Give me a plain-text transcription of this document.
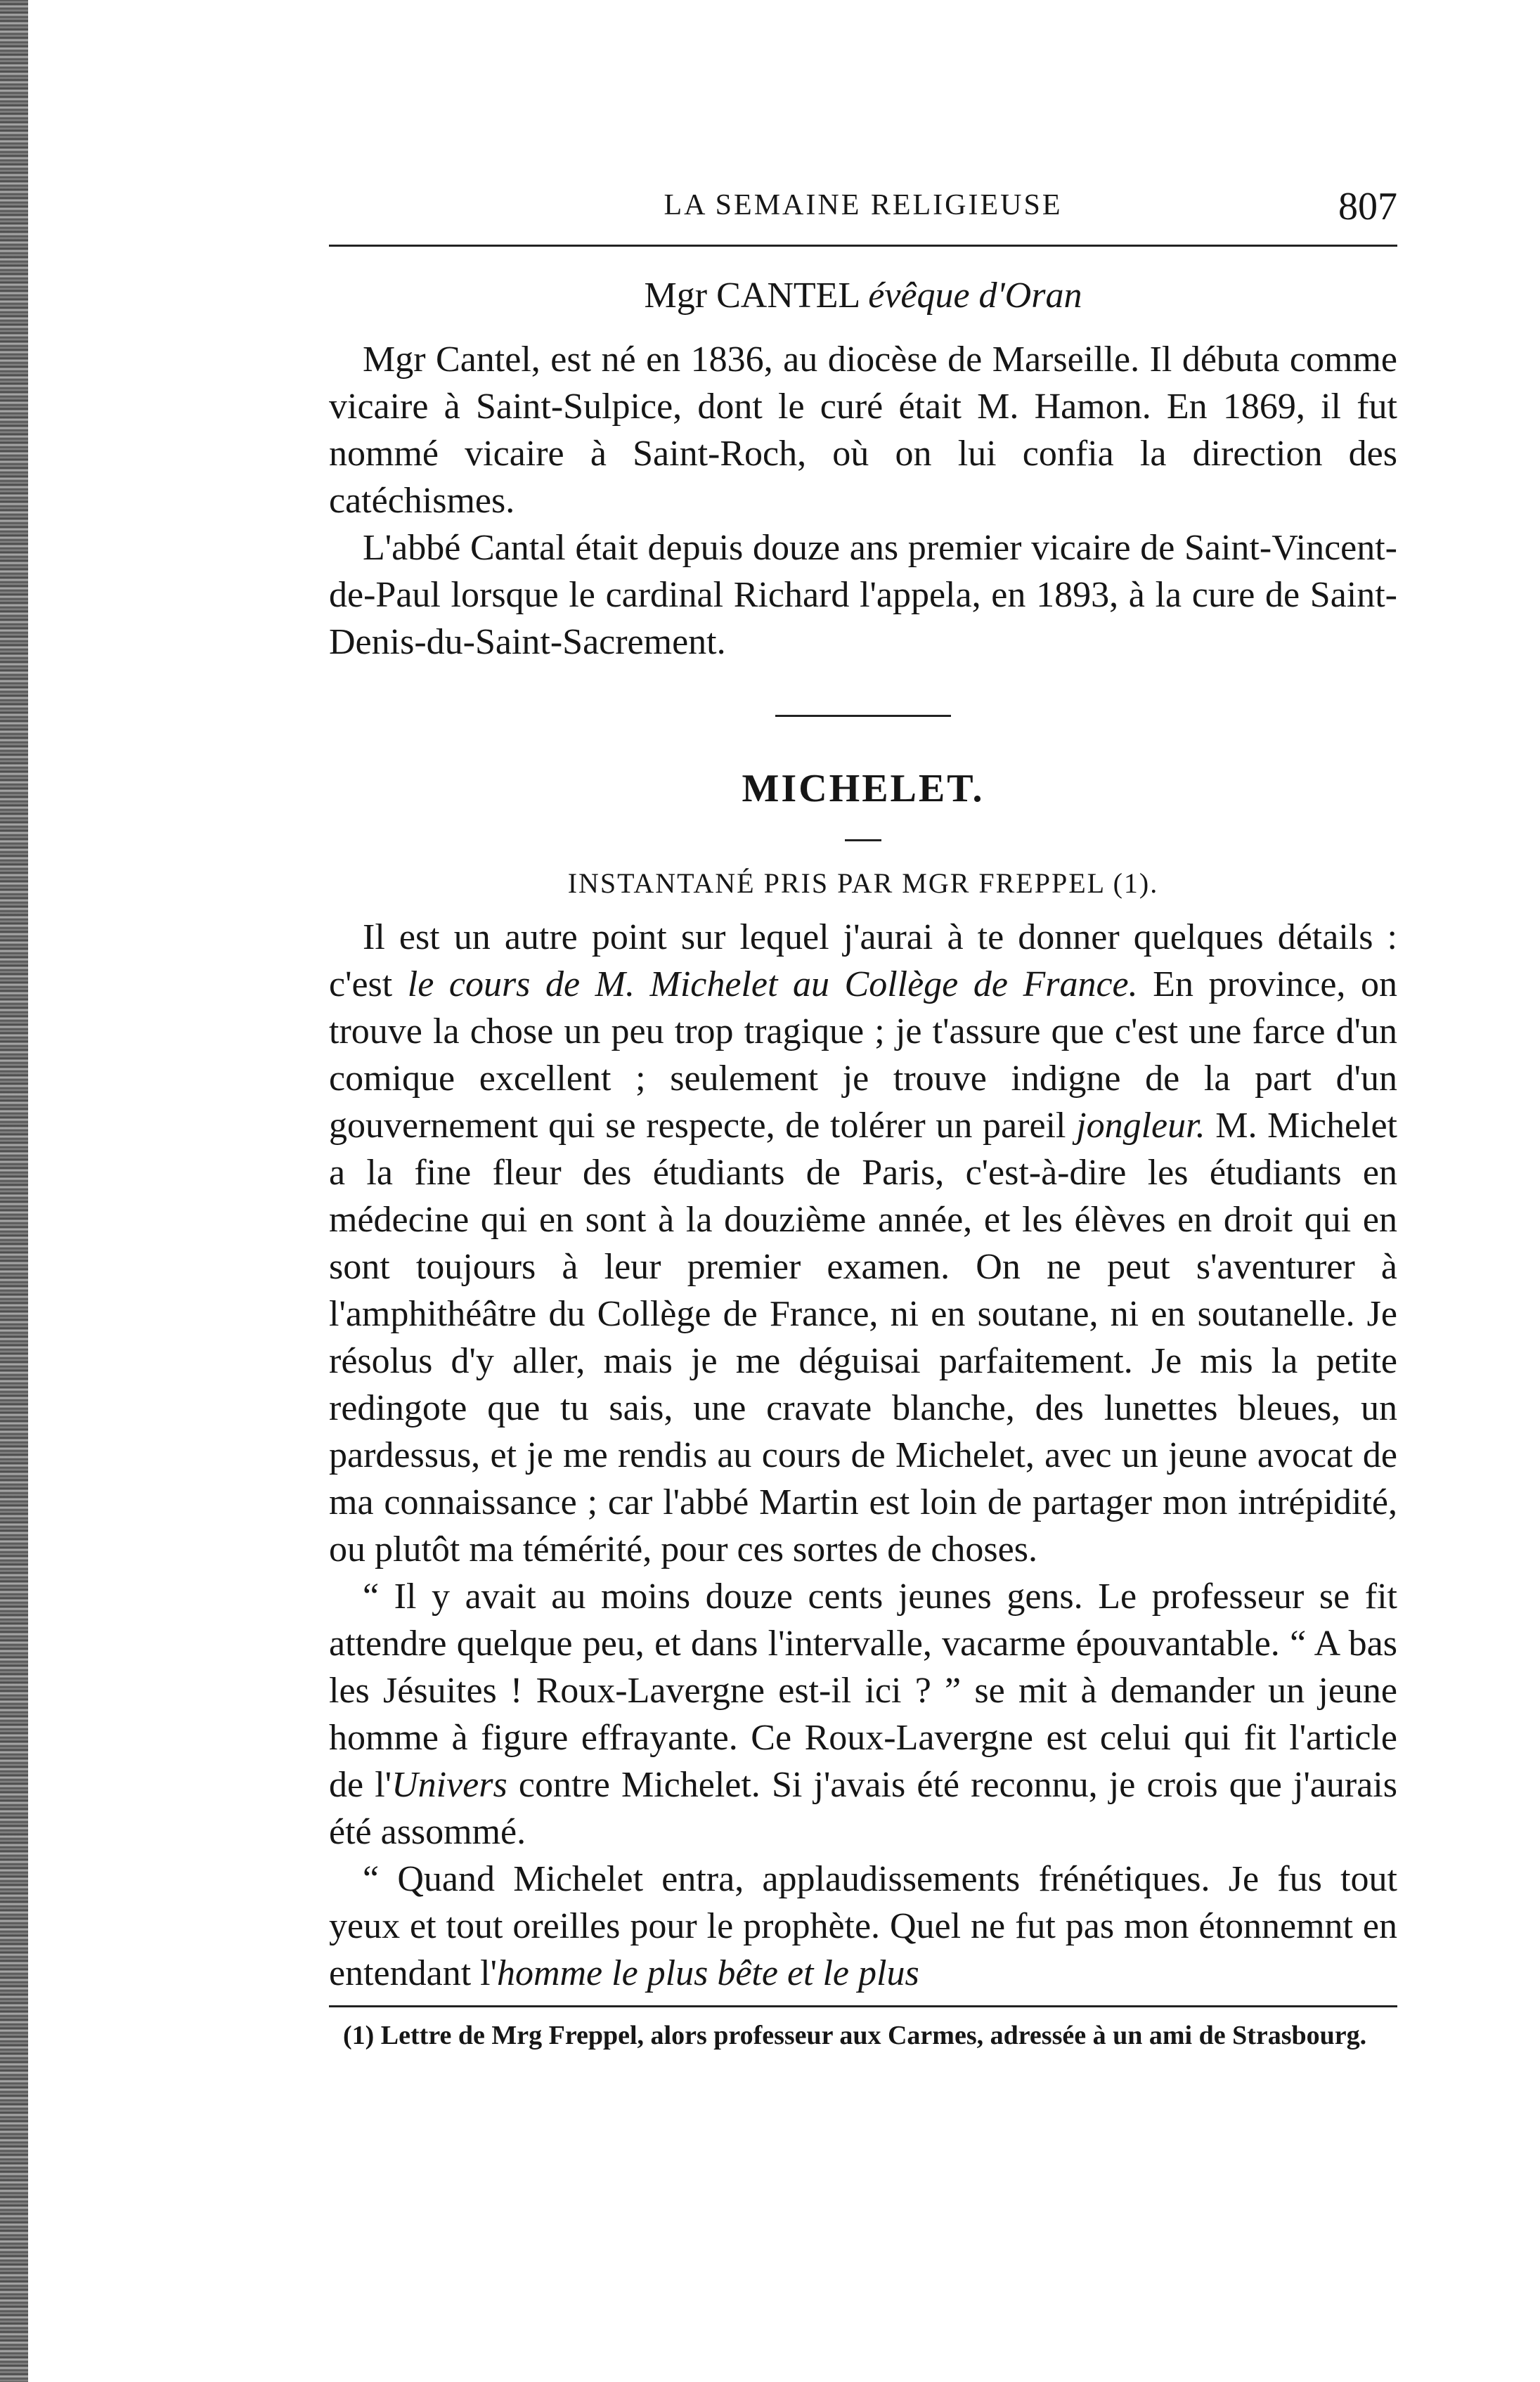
LA SEMAINE RELIGIEUSE	807
Mgr CANTEL évêque d'Oran

Mgr Cantel, est né en 1836, au diocèse de Marseille. Il débuta comme vicaire à Saint-Sulpice, dont le curé était M. Hamon. En 1869, il fut nommé vicaire à Saint-Roch, où on lui confia la direction des catéchismes.

L'abbé Cantal était depuis douze ans premier vicaire de Saint-Vincent-de-Paul lorsque le cardinal Richard l'appela, en 1893, à la cure de Saint-Denis-du-Saint-Sacrement.

MICHELET.
INSTANTANÉ PRIS PAR MGR FREPPEL (1).

Il est un autre point sur lequel j'aurai à te donner quelques détails : c'est le cours de M. Michelet au Collège de France. En province, on trouve la chose un peu trop tragique ; je t'assure que c'est une farce d'un comique excellent ; seulement je trouve indigne de la part d'un gouvernement qui se respecte, de tolérer un pareil jongleur. M. Michelet a la fine fleur des étudiants de Paris, c'est-à-dire les étudiants en médecine qui en sont à la douzième année, et les élèves en droit qui en sont toujours à leur premier examen. On ne peut s'aventurer à l'amphithéâtre du Collège de France, ni en soutane, ni en soutanelle. Je résolus d'y aller, mais je me déguisai parfaitement. Je mis la petite redingote que tu sais, une cravate blanche, des lunettes bleues, un pardessus, et je me rendis au cours de Michelet, avec un jeune avocat de ma connaissance ; car l'abbé Martin est loin de partager mon intrépidité, ou plutôt ma témérité, pour ces sortes de choses.

“ Il y avait au moins douze cents jeunes gens. Le professeur se fit attendre quelque peu, et dans l'intervalle, vacarme épouvantable. “ A bas les Jésuites ! Roux-Lavergne est-il ici ? ” se mit à demander un jeune homme à figure effrayante. Ce Roux-Lavergne est celui qui fit l'article de l'Univers contre Michelet. Si j'avais été reconnu, je crois que j'aurais été assommé.

“ Quand Michelet entra, applaudissements frénétiques. Je fus tout yeux et tout oreilles pour le prophète. Quel ne fut pas mon étonnemnt en entendant l'homme le plus bête et le plus

(1) Lettre de Mrg Freppel, alors professeur aux Carmes, adressée à un ami de Strasbourg.
